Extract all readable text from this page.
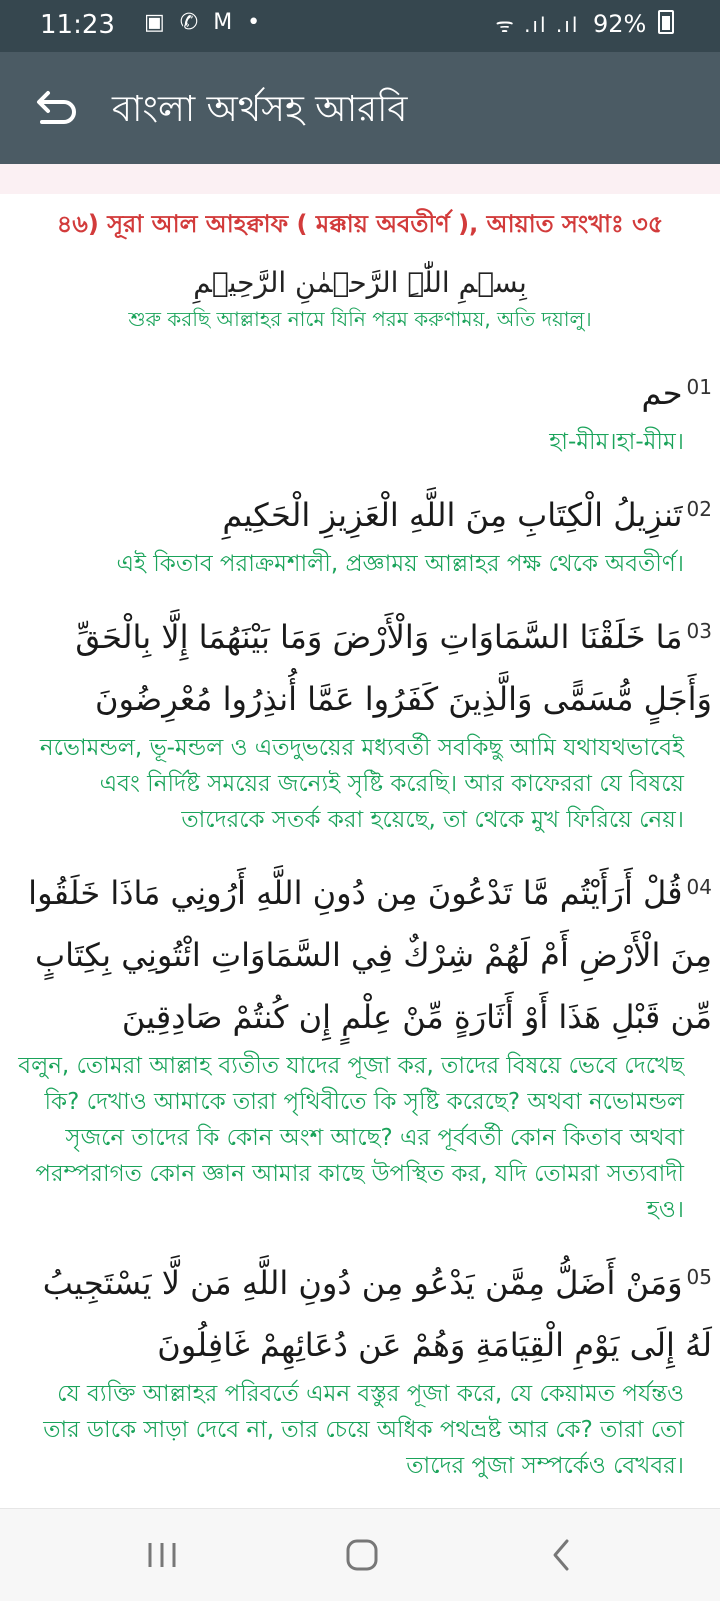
11:23 ▣ ✆ M •	ᯤ .ıl .ıl 92%
বাংলা অর্থসহ আরবি
৪৬) সূরা আল আহক্বাফ ( মক্কায় অবতীর্ণ ), আয়াত সংখাঃ ৩৫
بِسۡمِ اللّٰہِ الرَّحۡمٰنِ الرَّحِیۡمِ
শুরু করছি আল্লাহর নামে যিনি পরম করুণাময়, অতি দয়ালু।
$^{01}$حم
হা-মীম।হা-মীম।
$^{02}$تَنزِيلُ الْكِتَابِ مِنَ اللَّهِ الْعَزِيزِ الْحَكِيمِ
এই কিতাব পরাক্রমশালী, প্রজ্ঞাময় আল্লাহর পক্ষ থেকে অবতীর্ণ।
$^{03}$مَا خَلَقْنَا السَّمَاوَاتِ وَالْأَرْضَ وَمَا بَيْنَهُمَا إِلَّا بِالْحَقِّ وَأَجَلٍ مُّسَمًّى وَالَّذِينَ كَفَرُوا عَمَّا أُنذِرُوا مُعْرِضُونَ
নভোমন্ডল, ভূ-মন্ডল ও এতদুভয়ের মধ্যবর্তী সবকিছু আমি যথাযথভাবেই এবং নির্দিষ্ট সময়ের জন্যেই সৃষ্টি করেছি। আর কাফেররা যে বিষয়ে তাদেরকে সতর্ক করা হয়েছে, তা থেকে মুখ ফিরিয়ে নেয়।
$^{04}$قُلْ أَرَأَيْتُم مَّا تَدْعُونَ مِن دُونِ اللَّهِ أَرُونِي مَاذَا خَلَقُوا مِنَ الْأَرْضِ أَمْ لَهُمْ شِرْكٌ فِي السَّمَاوَاتِ ائْتُونِي بِكِتَابٍ مِّن قَبْلِ هَذَا أَوْ أَثَارَةٍ مِّنْ عِلْمٍ إِن كُنتُمْ صَادِقِينَ
বলুন, তোমরা আল্লাহ ব্যতীত যাদের পূজা কর, তাদের বিষয়ে ভেবে দেখেছ কি? দেখাও আমাকে তারা পৃথিবীতে কি সৃষ্টি করেছে? অথবা নভোমন্ডল সৃজনে তাদের কি কোন অংশ আছে? এর পূর্ববর্তী কোন কিতাব অথবা পরম্পরাগত কোন জ্ঞান আমার কাছে উপস্থিত কর, যদি তোমরা সত্যবাদী হও।
$^{05}$وَمَنْ أَضَلُّ مِمَّن يَدْعُو مِن دُونِ اللَّهِ مَن لَّا يَسْتَجِيبُ لَهُ إِلَى يَوْمِ الْقِيَامَةِ وَهُمْ عَن دُعَائِهِمْ غَافِلُونَ
যে ব্যক্তি আল্লাহর পরিবর্তে এমন বস্তুর পূজা করে, যে কেয়ামত পর্যন্তও তার ডাকে সাড়া দেবে না, তার চেয়ে অধিক পথভ্রষ্ট আর কে? তারা তো তাদের পুজা সম্পর্কেও বেখবর।
